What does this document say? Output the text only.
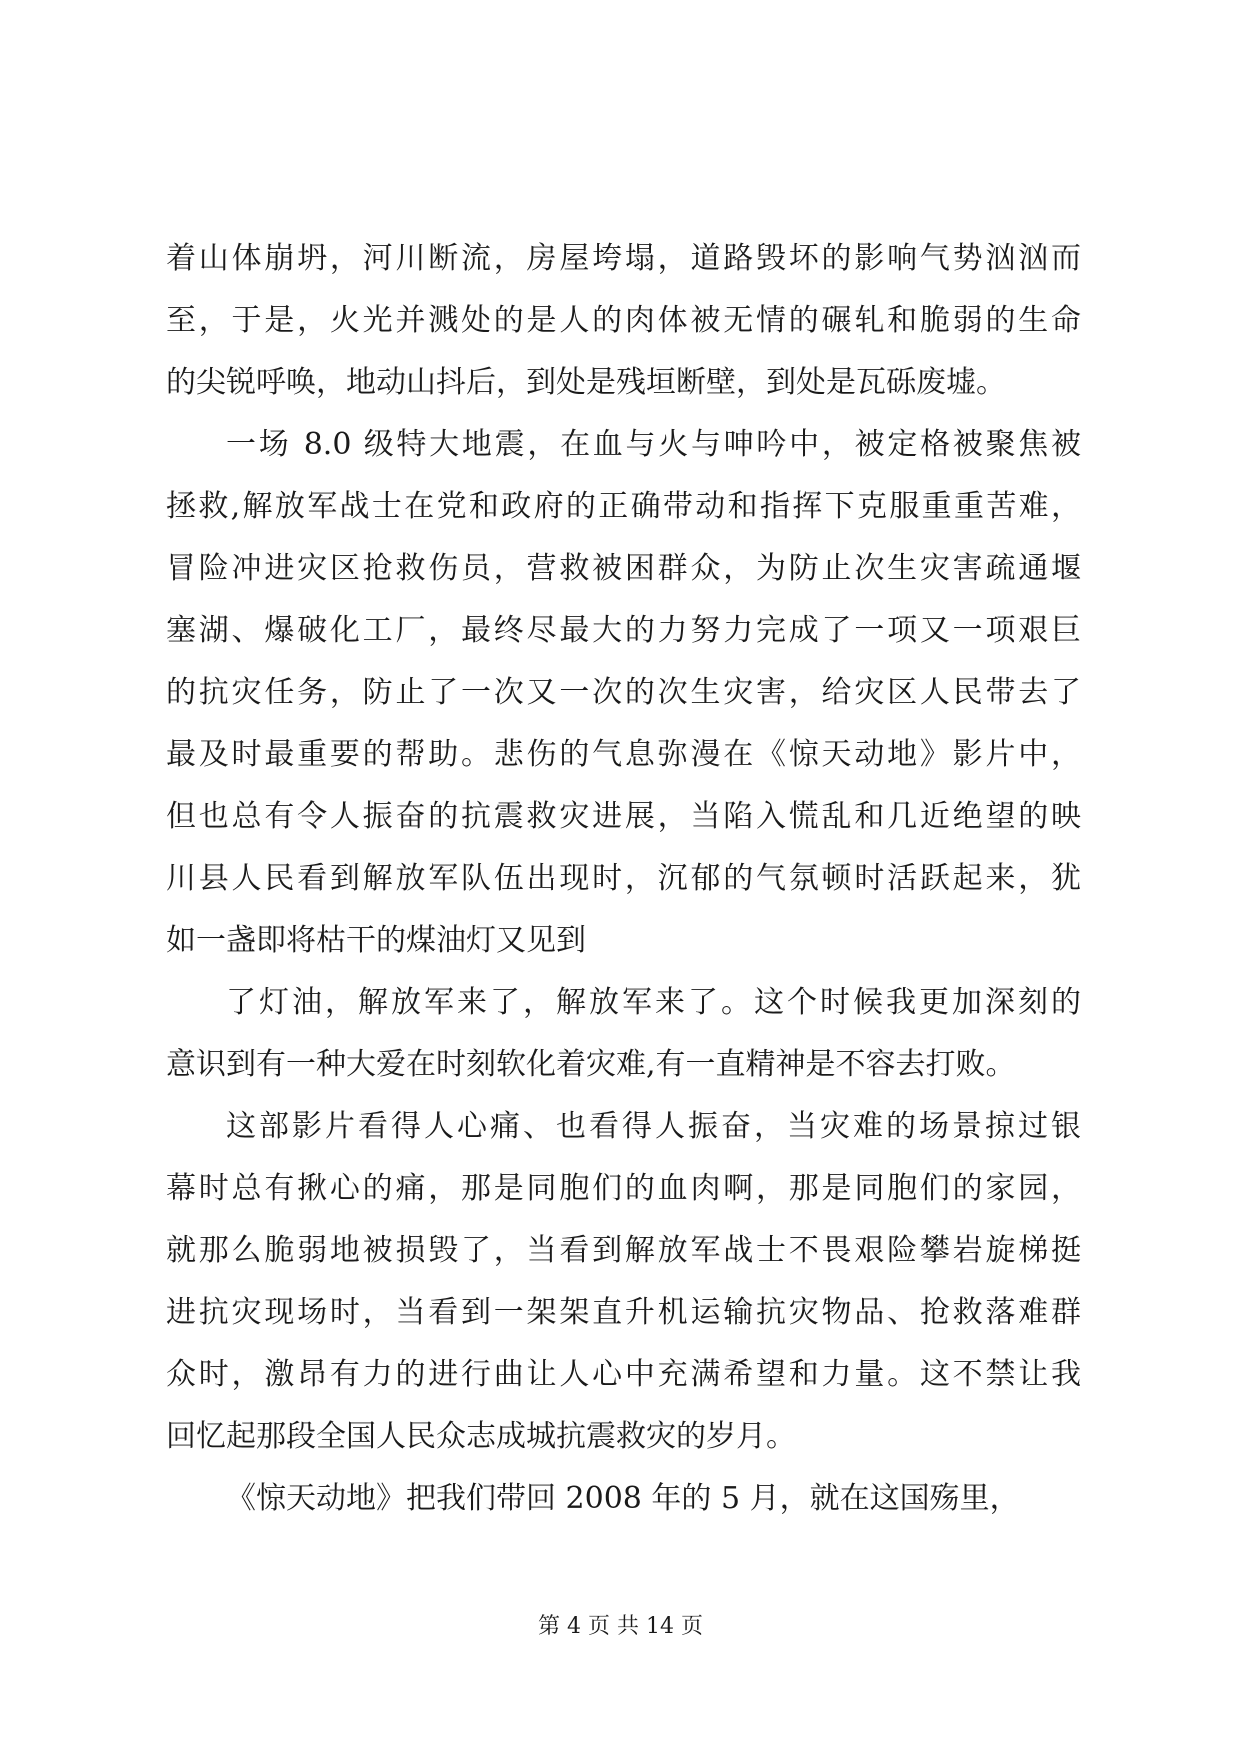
着山体崩坍，河川断流，房屋垮塌，道路毁坏的影响气势汹汹而
至，于是，火光并溅处的是人的肉体被无情的碾轧和脆弱的生命
的尖锐呼唤，地动山抖后，到处是残垣断壁，到处是瓦砾废墟。
一场 8.0 级特大地震，在血与火与呻吟中，被定格被聚焦被
拯救,解放军战士在党和政府的正确带动和指挥下克服重重苦难，
冒险冲进灾区抢救伤员，营救被困群众，为防止次生灾害疏通堰
塞湖、爆破化工厂，最终尽最大的力努力完成了一项又一项艰巨
的抗灾任务，防止了一次又一次的次生灾害，给灾区人民带去了
最及时最重要的帮助。悲伤的气息弥漫在《惊天动地》影片中，
但也总有令人振奋的抗震救灾进展，当陷入慌乱和几近绝望的映
川县人民看到解放军队伍出现时，沉郁的气氛顿时活跃起来，犹
如一盏即将枯干的煤油灯又见到
了灯油，解放军来了，解放军来了。这个时候我更加深刻的
意识到有一种大爱在时刻软化着灾难,有一直精神是不容去打败。
这部影片看得人心痛、也看得人振奋，当灾难的场景掠过银
幕时总有揪心的痛，那是同胞们的血肉啊，那是同胞们的家园，
就那么脆弱地被损毁了，当看到解放军战士不畏艰险攀岩旋梯挺
进抗灾现场时，当看到一架架直升机运输抗灾物品、抢救落难群
众时，激昂有力的进行曲让人心中充满希望和力量。这不禁让我
回忆起那段全国人民众志成城抗震救灾的岁月。
《惊天动地》把我们带回 2008 年的 5 月，就在这国殇里，
第 4 页 共 14 页
